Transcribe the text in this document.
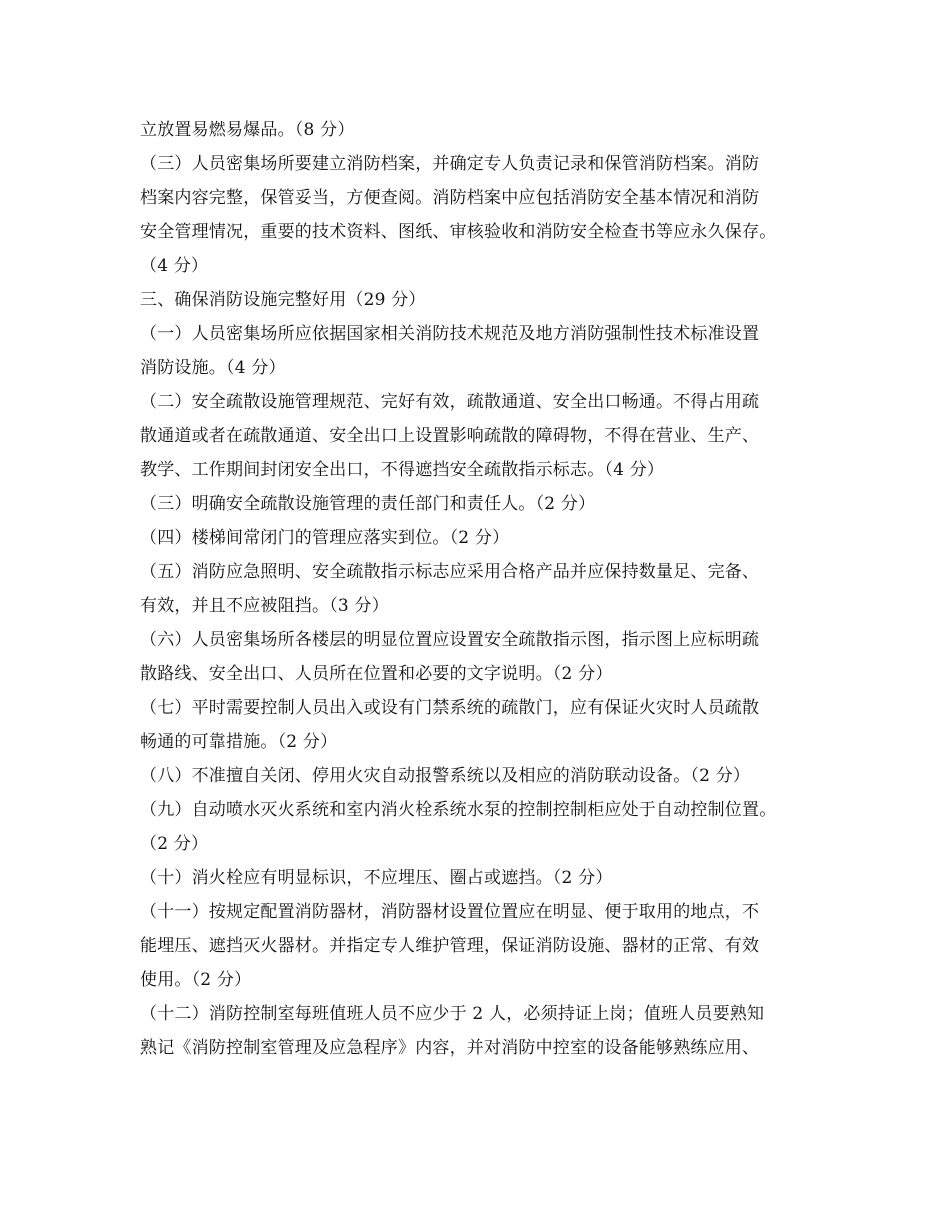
立放置易燃易爆品。（8 分）
（三）人员密集场所要建立消防档案，并确定专人负责记录和保管消防档案。消防
档案内容完整，保管妥当，方便查阅。消防档案中应包括消防安全基本情况和消防
安全管理情况，重要的技术资料、图纸、审核验收和消防安全检查书等应永久保存。
（4 分）
三、确保消防设施完整好用（29 分）
（一）人员密集场所应依据国家相关消防技术规范及地方消防强制性技术标准设置
消防设施。（4 分）
（二）安全疏散设施管理规范、完好有效，疏散通道、安全出口畅通。不得占用疏
散通道或者在疏散通道、安全出口上设置影响疏散的障碍物，不得在营业、生产、
教学、工作期间封闭安全出口，不得遮挡安全疏散指示标志。（4 分）
（三）明确安全疏散设施管理的责任部门和责任人。（2 分）
（四）楼梯间常闭门的管理应落实到位。（2 分）
（五）消防应急照明、安全疏散指示标志应采用合格产品并应保持数量足、完备、
有效，并且不应被阻挡。（3 分）
（六）人员密集场所各楼层的明显位置应设置安全疏散指示图，指示图上应标明疏
散路线、安全出口、人员所在位置和必要的文字说明。（2 分）
（七）平时需要控制人员出入或设有门禁系统的疏散门，应有保证火灾时人员疏散
畅通的可靠措施。（2 分）
（八）不准擅自关闭、停用火灾自动报警系统以及相应的消防联动设备。（2 分）
（九）自动喷水灭火系统和室内消火栓系统水泵的控制控制柜应处于自动控制位置。
（2 分）
（十）消火栓应有明显标识，不应埋压、圈占或遮挡。（2 分）
（十一）按规定配置消防器材，消防器材设置位置应在明显、便于取用的地点，不
能埋压、遮挡灭火器材。并指定专人维护管理，保证消防设施、器材的正常、有效
使用。（2 分）
（十二）消防控制室每班值班人员不应少于 2 人，必须持证上岗；值班人员要熟知
熟记《消防控制室管理及应急程序》内容，并对消防中控室的设备能够熟练应用、
